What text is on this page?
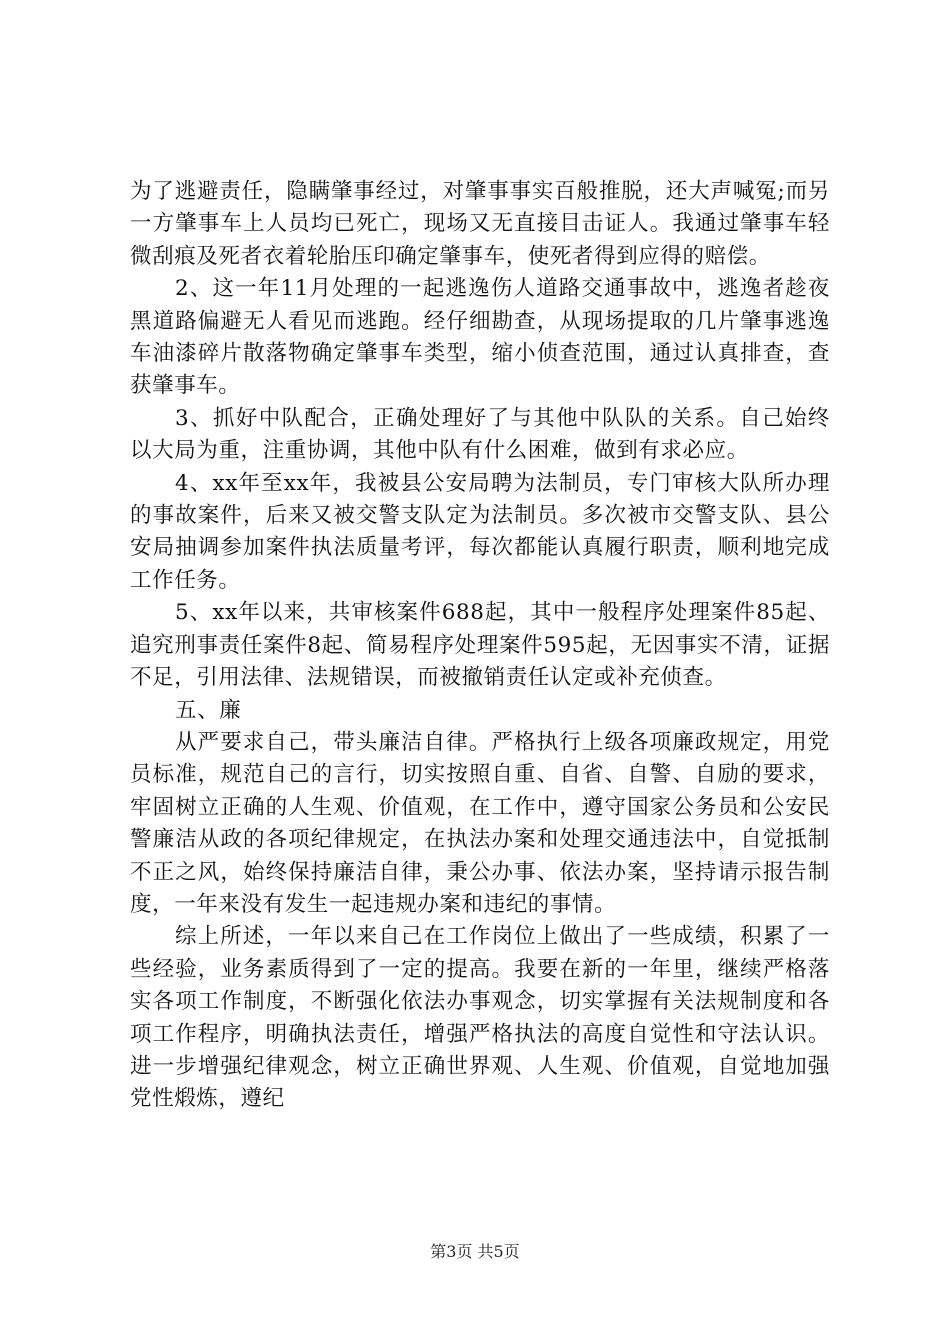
为了逃避责任，隐瞒肇事经过，对肇事事实百般推脱，还大声喊冤;而另一方肇事车上人员均已死亡，现场又无直接目击证人。我通过肇事车轻微刮痕及死者衣着轮胎压印确定肇事车，使死者得到应得的赔偿。

2、这一年11月处理的一起逃逸伤人道路交通事故中，逃逸者趁夜黑道路偏避无人看见而逃跑。经仔细勘查，从现场提取的几片肇事逃逸车油漆碎片散落物确定肇事车类型，缩小侦查范围，通过认真排查，查获肇事车。

3、抓好中队配合，正确处理好了与其他中队队的关系。自己始终以大局为重，注重协调，其他中队有什么困难，做到有求必应。

4、xx年至xx年，我被县公安局聘为法制员，专门审核大队所办理的事故案件，后来又被交警支队定为法制员。多次被市交警支队、县公安局抽调参加案件执法质量考评，每次都能认真履行职责，顺利地完成工作任务。

5、xx年以来，共审核案件688起，其中一般程序处理案件85起、追究刑事责任案件8起、简易程序处理案件595起，无因事实不清，证据不足，引用法律、法规错误，而被撤销责任认定或补充侦查。

五、廉

从严要求自己，带头廉洁自律。严格执行上级各项廉政规定，用党员标准，规范自己的言行，切实按照自重、自省、自警、自励的要求，牢固树立正确的人生观、价值观，在工作中，遵守国家公务员和公安民警廉洁从政的各项纪律规定，在执法办案和处理交通违法中，自觉抵制不正之风，始终保持廉洁自律，秉公办事、依法办案，坚持请示报告制度，一年来没有发生一起违规办案和违纪的事情。

综上所述，一年以来自己在工作岗位上做出了一些成绩，积累了一些经验，业务素质得到了一定的提高。我要在新的一年里，继续严格落实各项工作制度，不断强化依法办事观念，切实掌握有关法规制度和各项工作程序，明确执法责任，增强严格执法的高度自觉性和守法认识。进一步增强纪律观念，树立正确世界观、人生观、价值观，自觉地加强党性煅炼，遵纪

第3页 共5页
